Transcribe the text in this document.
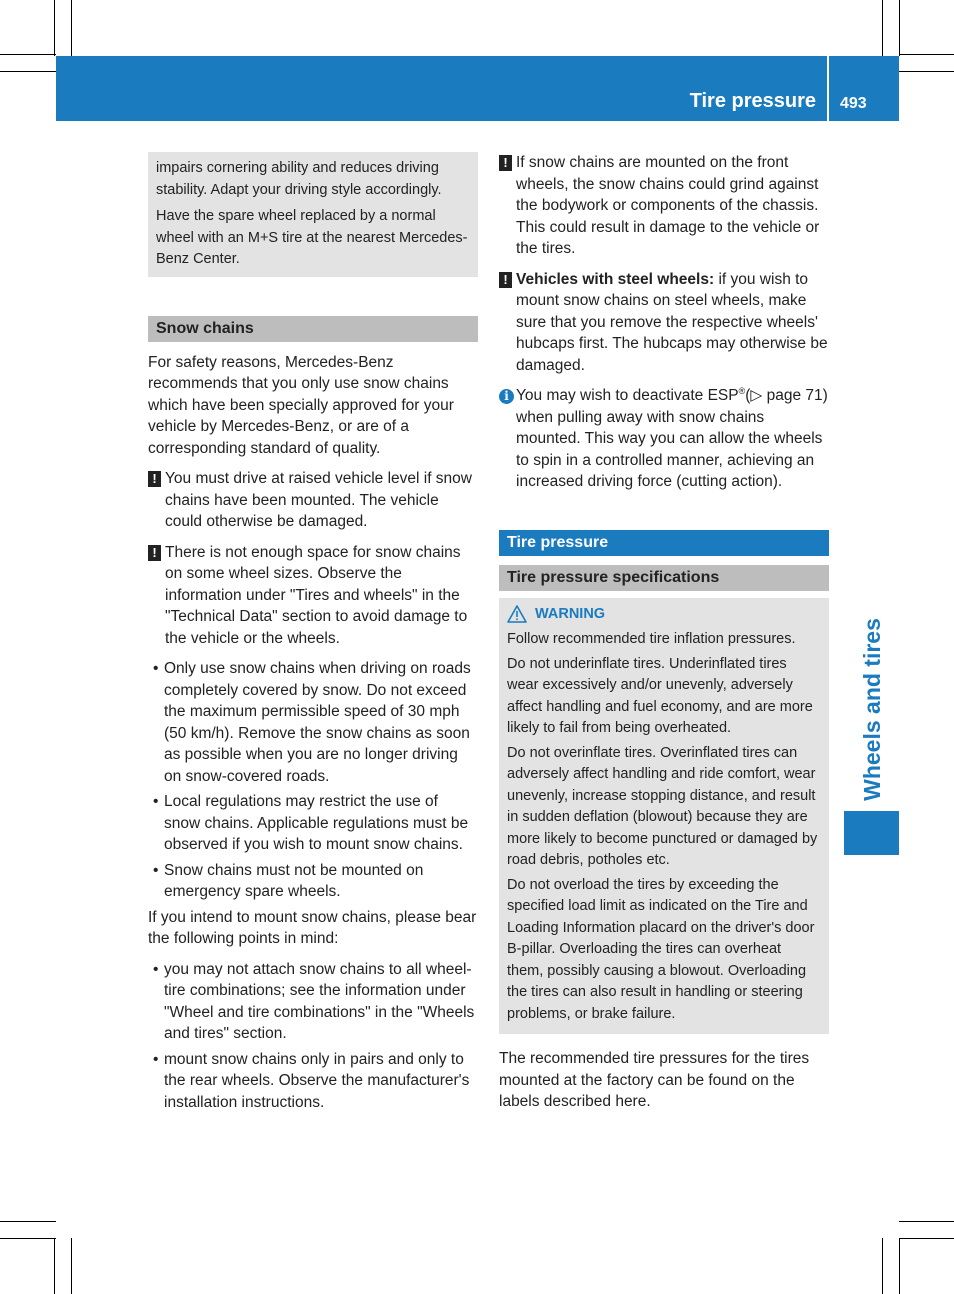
Tire pressure 493
Wheels and tires

impairs cornering ability and reduces driving stability. Adapt your driving style accordingly.

Have the spare wheel replaced by a normal wheel with an M+S tire at the nearest Mercedes-Benz Center.

Snow chains

For safety reasons, Mercedes-Benz recommends that you only use snow chains which have been specially approved for your vehicle by Mercedes-Benz, or are of a corresponding standard of quality.

! You must drive at raised vehicle level if snow chains have been mounted. The vehicle could otherwise be damaged.
! There is not enough space for snow chains on some wheel sizes. Observe the information under "Tires and wheels" in the "Technical Data" section to avoid damage to the vehicle or the wheels.
• Only use snow chains when driving on roads completely covered by snow. Do not exceed the maximum permissible speed of 30 mph (50 km/h). Remove the snow chains as soon as possible when you are no longer driving on snow-covered roads.
• Local regulations may restrict the use of snow chains. Applicable regulations must be observed if you wish to mount snow chains.
• Snow chains must not be mounted on emergency spare wheels.

If you intend to mount snow chains, please bear the following points in mind:

• you may not attach snow chains to all wheel-tire combinations; see the information under "Wheel and tire combinations" in the "Wheels and tires" section.
• mount snow chains only in pairs and only to the rear wheels. Observe the manufacturer's installation instructions.
! If snow chains are mounted on the front wheels, the snow chains could grind against the bodywork or components of the chassis. This could result in damage to the vehicle or the tires.
! Vehicles with steel wheels: if you wish to mount snow chains on steel wheels, make sure that you remove the respective wheels' hubcaps first. The hubcaps may otherwise be damaged.
i You may wish to deactivate ESP®(▷ page 71) when pulling away with snow chains mounted. This way you can allow the wheels to spin in a controlled manner, achieving an increased driving force (cutting action).
Tire pressure
Tire pressure specifications
WARNING

Follow recommended tire inflation pressures.

Do not underinflate tires. Underinflated tires wear excessively and/or unevenly, adversely affect handling and fuel economy, and are more likely to fail from being overheated.

Do not overinflate tires. Overinflated tires can adversely affect handling and ride comfort, wear unevenly, increase stopping distance, and result in sudden deflation (blowout) because they are more likely to become punctured or damaged by road debris, potholes etc.

Do not overload the tires by exceeding the specified load limit as indicated on the Tire and Loading Information placard on the driver's door B-pillar. Overloading the tires can overheat them, possibly causing a blowout. Overloading the tires can also result in handling or steering problems, or brake failure.

The recommended tire pressures for the tires mounted at the factory can be found on the labels described here.
